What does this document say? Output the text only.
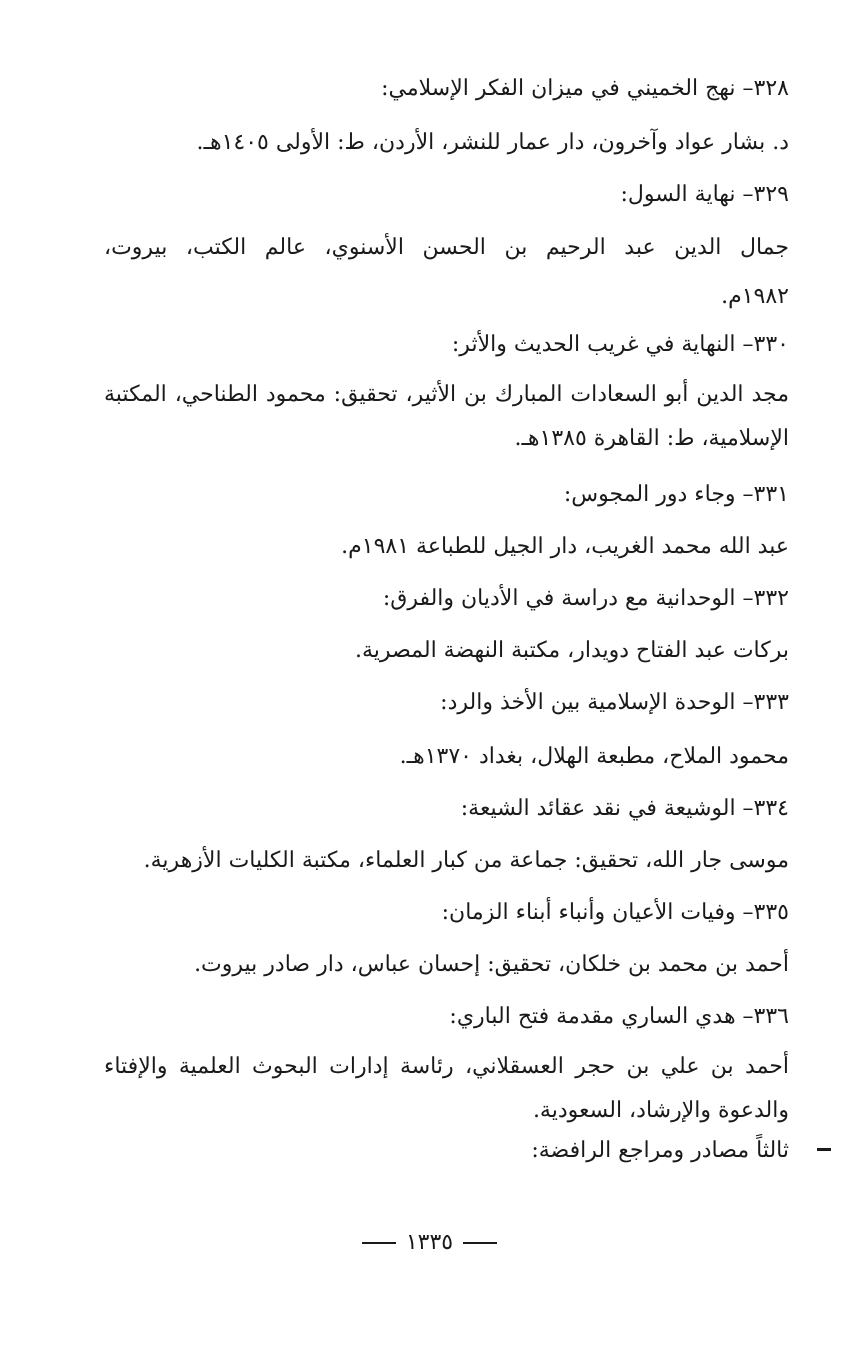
٣٢٨– نهج الخميني في ميزان الفكر الإسلامي:
د. بشار عواد وآخرون، دار عمار للنشر، الأردن، ط: الأولى ١٤٠٥هـ.
٣٢٩– نهاية السول:
جمال الدين عبد الرحيم بن الحسن الأسنوي، عالم الكتب، بيروت،
١٩٨٢م.
٣٣٠– النهاية في غريب الحديث والأثر:
مجد الدين أبو السعادات المبارك بن الأثير، تحقيق: محمود الطناحي، المكتبة
الإسلامية، ط: القاهرة ١٣٨٥هـ.
٣٣١– وجاء دور المجوس:
عبد الله محمد الغريب، دار الجيل للطباعة ١٩٨١م.
٣٣٢– الوحدانية مع دراسة في الأديان والفرق:
بركات عبد الفتاح دويدار، مكتبة النهضة المصرية.
٣٣٣– الوحدة الإسلامية بين الأخذ والرد:
محمود الملاح، مطبعة الهلال، بغداد ١٣٧٠هـ.
٣٣٤– الوشيعة في نقد عقائد الشيعة:
موسى جار الله، تحقيق: جماعة من كبار العلماء، مكتبة الكليات الأزهرية.
٣٣٥– وفيات الأعيان وأنباء أبناء الزمان:
أحمد بن محمد بن خلكان، تحقيق: إحسان عباس، دار صادر بيروت.
٣٣٦– هدي الساري مقدمة فتح الباري:
أحمد بن علي بن حجر العسقلاني، رئاسة إدارات البحوث العلمية والإفتاء
والدعوة والإرشاد، السعودية.
ثالثاً مصادر ومراجع الرافضة:
١٣٣٥
